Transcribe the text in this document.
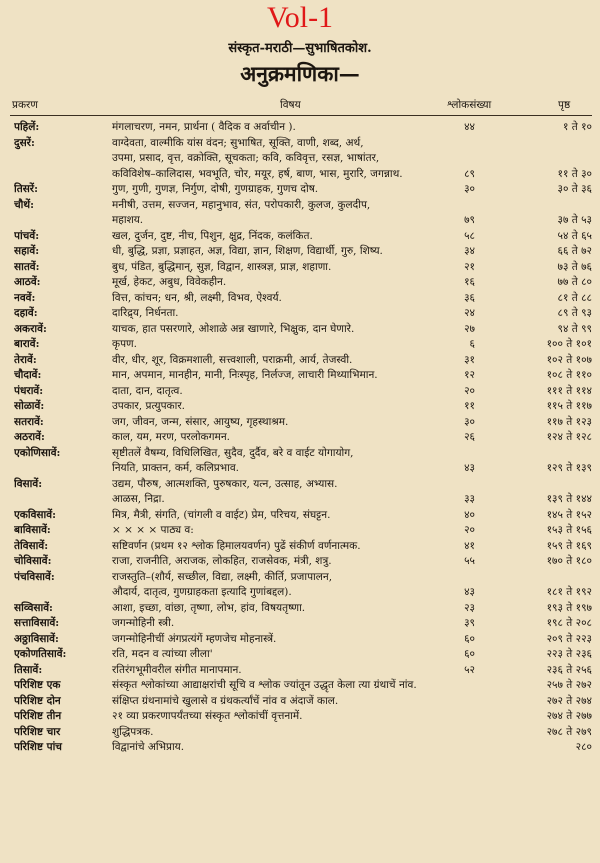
Vol-1
संस्कृत-मराठी—सुभाषितकोश.
अनुक्रमणिका—
प्रकरण	विषय	श्लोकसंख्या	पृष्ठ
पहिलें:	मंगलाचरण, नमन, प्रार्थना ( वैदिक व अर्वाचीन ).	४४	१ ते १०
दुसरें:	वाग्देवता, वाल्मीकि यांस वंदन; सुभाषित, सूक्ति, वाणी, शब्द, अर्थ,
उपमा, प्रसाद, वृत्त, वक्रोक्ति, सूचकता; कवि, कविवृत्त, रसज्ञ, भाषांतर,
कविविशेष–कालिदास, भवभूति, चोर, मयूर, हर्ष, बाण, भास, मुरारि, जगन्नाथ.	८९	११ ते ३०
तिसरें:	गुण, गुणी, गुणज्ञ, निर्गुण, दोषी, गुणग्राहक, गुणच दोष.	३०	३० ते ३६
चौथें:	मनीषी, उत्तम, सज्जन, महानुभाव, संत, परोपकारी, कुलज, कुलदीप,
महाशय.	७९	३७ ते ५३
पांचवें:	खल, दुर्जन, दुष्ट, नीच, पिशुन, क्षुद्र, निंदक, कलंकित.	५८	५४ ते ६५
सहावें:	धी, बुद्धि, प्रज्ञा, प्रज्ञाहत, अज्ञ, विद्या, ज्ञान, शिक्षण, विद्यार्थी, गुरु, शिष्य.	३४	६६ ते ७२
सातवें:	बुध, पंडित, बुद्धिमान्, सुज्ञ, विद्वान, शास्त्रज्ञ, प्राज्ञ, शहाणा.	२१	७३ ते ७६
आठवें:	मूर्ख, हेकट, अबुध, विवेकहीन.	१६	७७ ते ८०
नववें:	वित्त, कांचन; धन, श्री, लक्ष्मी, विभव, ऐश्वर्य.	३६	८१ ते ८८
दहावें:	दारिद्र्य, निर्धनता.	२४	८९ ते ९३
अकरावें:	याचक, हात पसरणारे, ओशाळे अन्न खाणारे, भिक्षुक, दान घेणारे.	२७	९४ ते ९९
बारावें:	कृपण.	६	१०० ते १०१
तेरावें:	वीर, धीर, शूर, विक्रमशाली, सत्त्वशाली, पराक्रमी, आर्य, तेजस्वी.	३१	१०२ ते १०७
चौदावें:	मान, अपमान, मानहीन, मानी, निःस्पृह, निर्लज्ज, लाचारी मिथ्याभिमान.	१२	१०८ ते ११०
पंधरावें:	दाता, दान, दातृत्व.	२०	१११ ते ११४
सोळावें:	उपकार, प्रत्युपकार.	११	११५ ते ११७
सतरावें:	जग, जीवन, जन्म, संसार, आयुष्य, गृहस्थाश्रम.	३०	११७ ते १२३
अठरावें:	काल, यम, मरण, परलोकगमन.	२६	१२४ ते १२८
एकोणिसावें:	सृष्टीतलें वैषम्य, विधिलिखित, सुदैव, दुर्दैव, बरे व वाईट योगायोग,
नियति, प्राक्तन, कर्म, कलिप्रभाव.	४३	१२९ ते १३९
विसावें:	उद्यम, पौरुष, आत्मशक्ति, पुरुषकार, यत्न, उत्साह, अभ्यास.
आळस, निद्रा.	३३	१३९ ते १४४
एकविसावें:	मित्र, मैत्री, संगति, (चांगली व वाईट) प्रेम, परिचय, संघट्टन.	४०	१४५ ते १५२
बाविसावें:	× × × × पाठ्य व:	२०	१५३ ते १५६
तेविसावें:	सष्टिवर्णन (प्रथम १२ श्लोक हिमालयवर्णन) पुढें संकीर्ण वर्णनात्मक.	४१	१५९ ते १६९
चोविसावें:	राजा, राजनीति, अराजक, लोकहित, राजसेवक, मंत्री, शत्रु.	५५	१७० ते १८०
पंचविसावें:	राजस्तुति–(शौर्य, सच्छील, विद्या, लक्ष्मी, कीर्ति, प्रजापालन,
औदार्य, दातृत्व, गुणग्राहकता इत्यादि गुणांबद्दल).	४३	१८१ ते १९२
सव्विसावें:	आशा, इच्छा, वांछा, तृष्णा, लोभ, हांव, विषयतृष्णा.	२३	१९३ ते १९७
सत्ताविसावें:	जगन्मोहिनी स्त्री.	३९	१९८ ते २०८
अठ्ठाविसावें:	जगन्मोहिनीचीं अंगप्रत्यंगें म्हणजेच मोहनास्त्रें.	६०	२०९ ते २२३
एकोणतिसावें:	रति, मदन व त्यांच्या लीला'	६०	२२३ ते २३६
तिसावें:	रतिरंगभूमीवरील संगीत मानापमान.	५२	२३६ ते २५६
परिशिष्ट एक	संस्कृत श्लोकांच्या आद्याक्षरांची सूचि व श्लोक ज्यांतून उद्धृत केला त्या ग्रंथाचें नांव.	२५७ ते २७२
परिशिष्ट दोन	संक्षिप्त ग्रंथनामांचे खुलासे व ग्रंथकर्त्यांचें नांव व अंदाजें काल.	२७२ ते २७४
परिशिष्ट तीन	२१ व्या प्रकरणापर्यंतच्या संस्कृत श्लोकांचीं वृत्तनामें.	२७४ ते २७७
परिशिष्ट चार	शुद्धिपत्रक.	२७८ ते २७९
परिशिष्ट पांच	विद्वानांचे अभिप्राय.	२८०
